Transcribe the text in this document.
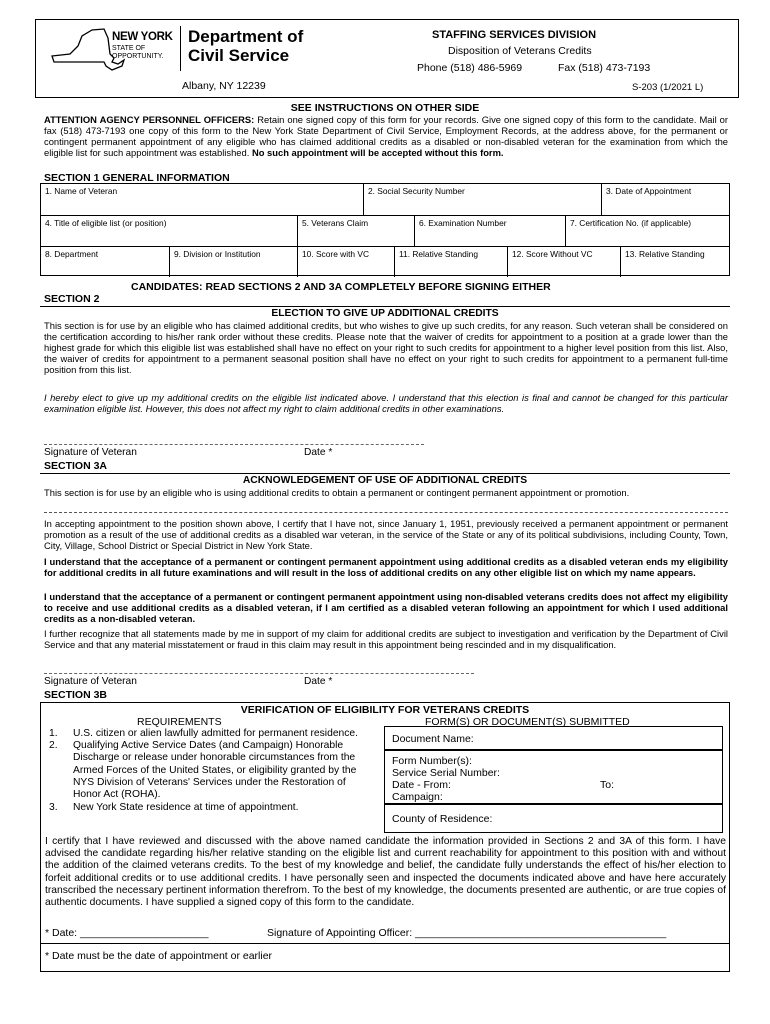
NEW YORK
STATE OF
OPPORTUNITY.
Department of
Civil Service
Albany, NY 12239
STAFFING SERVICES DIVISION
Disposition of Veterans Credits
Phone (518) 486-5969	Fax (518) 473-7193
S-203 (1/2021 L)
SEE INSTRUCTIONS ON OTHER SIDE
ATTENTION AGENCY PERSONNEL OFFICERS: Retain one signed copy of this form for your records. Give one signed copy of this form to the candidate. Mail or fax (518) 473-7193 one copy of this form to the New York State Department of Civil Service, Employment Records, at the address above, for the permanent or contingent permanent appointment of any eligible who has claimed additional credits as a disabled or non-disabled veteran for the examination from which the eligible list for such appointment was established. No such appointment will be accepted without this form.
SECTION 1 GENERAL INFORMATION
1. Name of Veteran	2. Social Security Number	3. Date of Appointment
4. Title of eligible list (or position)	5. Veterans Claim	6. Examination Number	7. Certification No. (if applicable)
8. Department	9. Division or Institution	10. Score with VC	11. Relative Standing	12. Score Without VC	13. Relative Standing
CANDIDATES: READ SECTIONS 2 AND 3A COMPLETELY BEFORE SIGNING EITHER
SECTION 2
ELECTION TO GIVE UP ADDITIONAL CREDITS
This section is for use by an eligible who has claimed additional credits, but who wishes to give up such credits, for any reason. Such veteran shall be considered on the certification according to his/her rank order without these credits. Please note that the waiver of credits for appointment to a position at a grade lower than the highest grade for which this eligible list was established shall have no effect on your right to such credits for appointment to a higher level position from this list. Also, the waiver of credits for appointment to a permanent seasonal position shall have no effect on your right to such credits for appointment to a permanent full-time position from this list.
I hereby elect to give up my additional credits on the eligible list indicated above. I understand that this election is final and cannot be changed for this particular examination eligible list. However, this does not affect my right to claim additional credits in other examinations.
Signature of Veteran	Date *
SECTION 3A
ACKNOWLEDGEMENT OF USE OF ADDITIONAL CREDITS
This section is for use by an eligible who is using additional credits to obtain a permanent or contingent permanent appointment or promotion.
In accepting appointment to the position shown above, I certify that I have not, since January 1, 1951, previously received a permanent appointment or permanent promotion as a result of the use of additional credits as a disabled war veteran, in the service of the State or any of its political subdivisions, including County, Town, City, Village, School District or Special District in New York State.
I understand that the acceptance of a permanent or contingent permanent appointment using additional credits as a disabled veteran ends my eligibility for additional credits in all future examinations and will result in the loss of additional credits on any other eligible list on which my name appears.
I understand that the acceptance of a permanent or contingent permanent appointment using non-disabled veterans credits does not affect my eligibility to receive and use additional credits as a disabled veteran, if I am certified as a disabled veteran following an appointment for which I used additional credits as a non-disabled veteran.
I further recognize that all statements made by me in support of my claim for additional credits are subject to investigation and verification by the Department of Civil Service and that any material misstatement or fraud in this claim may result in this appointment being rescinded and in my disqualification.
Signature of Veteran	Date *
SECTION 3B
VERIFICATION OF ELIGIBILITY FOR VETERANS CREDITS
REQUIREMENTS	FORM(S) OR DOCUMENT(S) SUBMITTED
1. U.S. citizen or alien lawfully admitted for permanent residence.
2. Qualifying Active Service Dates (and Campaign) Honorable Discharge or release under honorable circumstances from the Armed Forces of the United States, or eligibility granted by the NYS Division of Veterans' Services under the Restoration of Honor Act (ROHA).
3. New York State residence at time of appointment.
Document Name:
Form Number(s):
Service Serial Number:
Date - From:	To:
Campaign:
County of Residence:
I certify that I have reviewed and discussed with the above named candidate the information provided in Sections 2 and 3A of this form. I have advised the candidate regarding his/her relative standing on the eligible list and current reachability for appointment to this position with and without the addition of the claimed veterans credits. To the best of my knowledge and belief, the candidate fully understands the effect of his/her election to forfeit additional credits or to use additional credits. I have personally seen and inspected the documents indicated above and have here accurately transcribed the necessary pertinent information therefrom. To the best of my knowledge, the documents presented are authentic, or are true copies of authentic documents. I have supplied a signed copy of this form to the candidate.
* Date: ______________________	Signature of Appointing Officer: ___________________________________________
* Date must be the date of appointment or earlier
